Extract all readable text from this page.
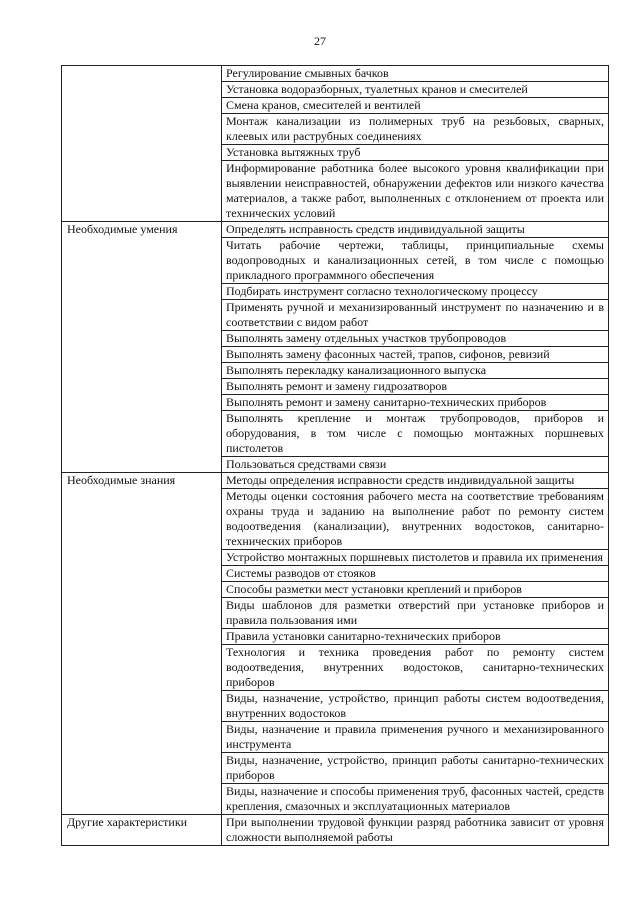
27
	Регулирование смывных бачков
	Установка водоразборных, туалетных кранов и смесителей
	Смена кранов, смесителей и вентилей
	Монтаж канализации из полимерных труб на резьбовых, сварных, клеевых или раструбных соединениях
	Установка вытяжных труб
	Информирование работника более высокого уровня квалификации при выявлении неисправностей, обнаружении дефектов или низкого качества материалов, а также работ, выполненных с отклонением от проекта или технических условий
Необходимые умения	Определять исправность средств индивидуальной защиты
	Читать рабочие чертежи, таблицы, принципиальные схемы водопроводных и канализационных сетей, в том числе с помощью прикладного программного обеспечения
	Подбирать инструмент согласно технологическому процессу
	Применять ручной и механизированный инструмент по назначению и в соответствии с видом работ
	Выполнять замену отдельных участков трубопроводов
	Выполнять замену фасонных частей, трапов, сифонов, ревизий
	Выполнять перекладку канализационного выпуска
	Выполнять ремонт и замену гидрозатворов
	Выполнять ремонт и замену санитарно-технических приборов
	Выполнять крепление и монтаж трубопроводов, приборов и оборудования, в том числе с помощью монтажных поршневых пистолетов
	Пользоваться средствами связи
Необходимые знания	Методы определения исправности средств индивидуальной защиты
	Методы оценки состояния рабочего места на соответствие требованиям охраны труда и заданию на выполнение работ по ремонту систем водоотведения (канализации), внутренних водостоков, санитарно-технических приборов
	Устройство монтажных поршневых пистолетов и правила их применения
	Системы разводов от стояков
	Способы разметки мест установки креплений и приборов
	Виды шаблонов для разметки отверстий при установке приборов и правила пользования ими
	Правила установки санитарно-технических приборов
	Технология и техника проведения работ по ремонту систем водоотведения, внутренних водостоков, санитарно-технических приборов
	Виды, назначение, устройство, принцип работы систем водоотведения, внутренних водостоков
	Виды, назначение и правила применения ручного и механизированного инструмента
	Виды, назначение, устройство, принцип работы санитарно-технических приборов
	Виды, назначение и способы применения труб, фасонных частей, средств крепления, смазочных и эксплуатационных материалов
Другие характеристики	При выполнении трудовой функции разряд работника зависит от уровня сложности выполняемой работы
